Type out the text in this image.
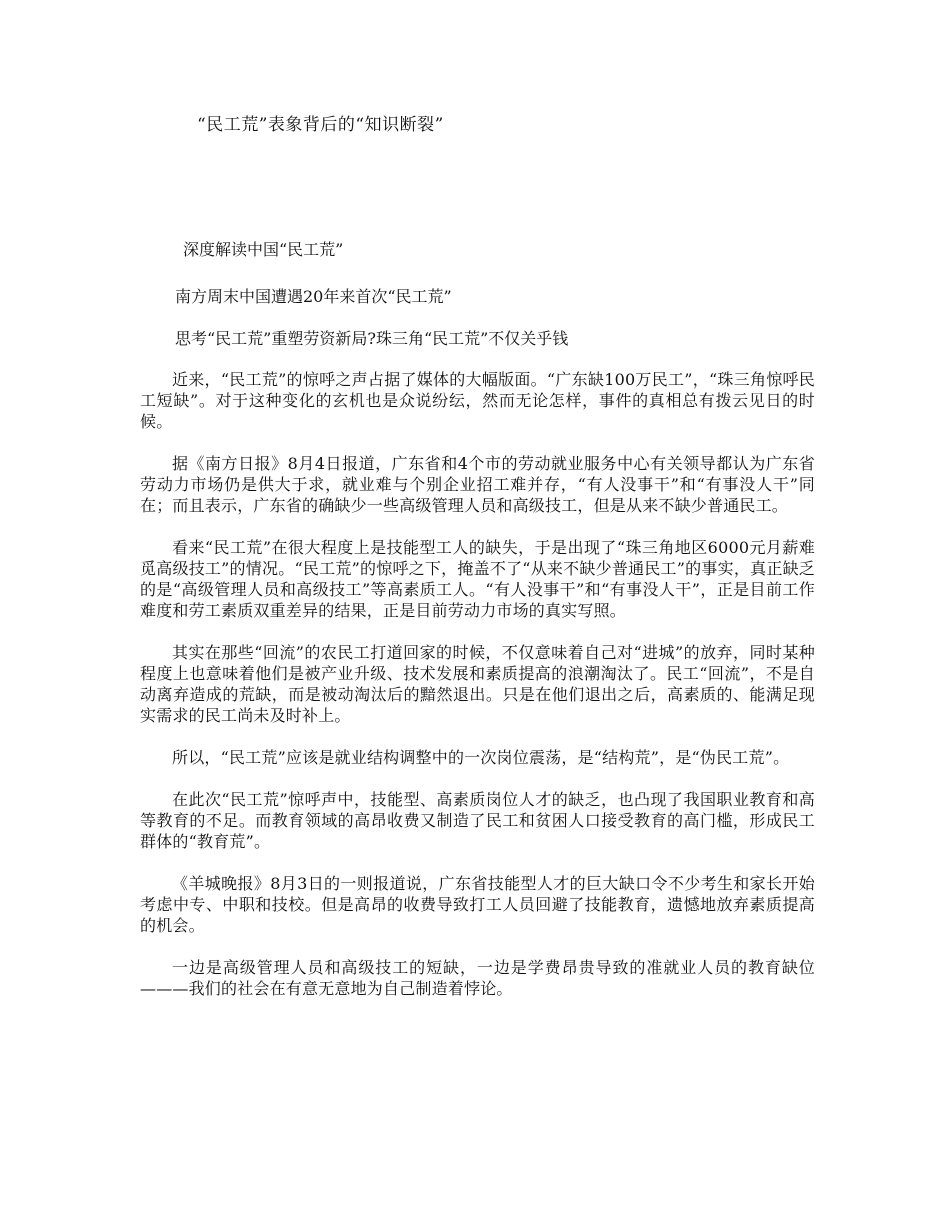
“民工荒”表象背后的“知识断裂”
深度解读中国“民工荒”
南方周末中国遭遇20年来首次“民工荒”
思考“民工荒”重塑劳资新局?珠三角“民工荒”不仅关乎钱

近来，“民工荒”的惊呼之声占据了媒体的大幅版面。“广东缺100万民工”，“珠三角惊呼民工短缺”。对于这种变化的玄机也是众说纷纭，然而无论怎样，事件的真相总有拨云见日的时候。

据《南方日报》8月4日报道，广东省和4个市的劳动就业服务中心有关领导都认为广东省劳动力市场仍是供大于求，就业难与个别企业招工难并存，“有人没事干”和“有事没人干”同在；而且表示，广东省的确缺少一些高级管理人员和高级技工，但是从来不缺少普通民工。

看来“民工荒”在很大程度上是技能型工人的缺失，于是出现了“珠三角地区6000元月薪难觅高级技工”的情况。“民工荒”的惊呼之下，掩盖不了“从来不缺少普通民工”的事实，真正缺乏的是“高级管理人员和高级技工”等高素质工人。“有人没事干”和“有事没人干”，正是目前工作难度和劳工素质双重差异的结果，正是目前劳动力市场的真实写照。

其实在那些“回流”的农民工打道回家的时候，不仅意味着自己对“进城”的放弃，同时某种程度上也意味着他们是被产业升级、技术发展和素质提高的浪潮淘汰了。民工“回流”，不是自动离弃造成的荒缺，而是被动淘汰后的黯然退出。只是在他们退出之后，高素质的、能满足现实需求的民工尚未及时补上。

所以，“民工荒”应该是就业结构调整中的一次岗位震荡，是“结构荒”，是“伪民工荒”。

在此次“民工荒”惊呼声中，技能型、高素质岗位人才的缺乏，也凸现了我国职业教育和高等教育的不足。而教育领域的高昂收费又制造了民工和贫困人口接受教育的高门槛，形成民工群体的“教育荒”。

《羊城晚报》8月3日的一则报道说，广东省技能型人才的巨大缺口令不少考生和家长开始考虑中专、中职和技校。但是高昂的收费导致打工人员回避了技能教育，遗憾地放弃素质提高的机会。

一边是高级管理人员和高级技工的短缺，一边是学费昂贵导致的准就业人员的教育缺位———我们的社会在有意无意地为自己制造着悖论。
